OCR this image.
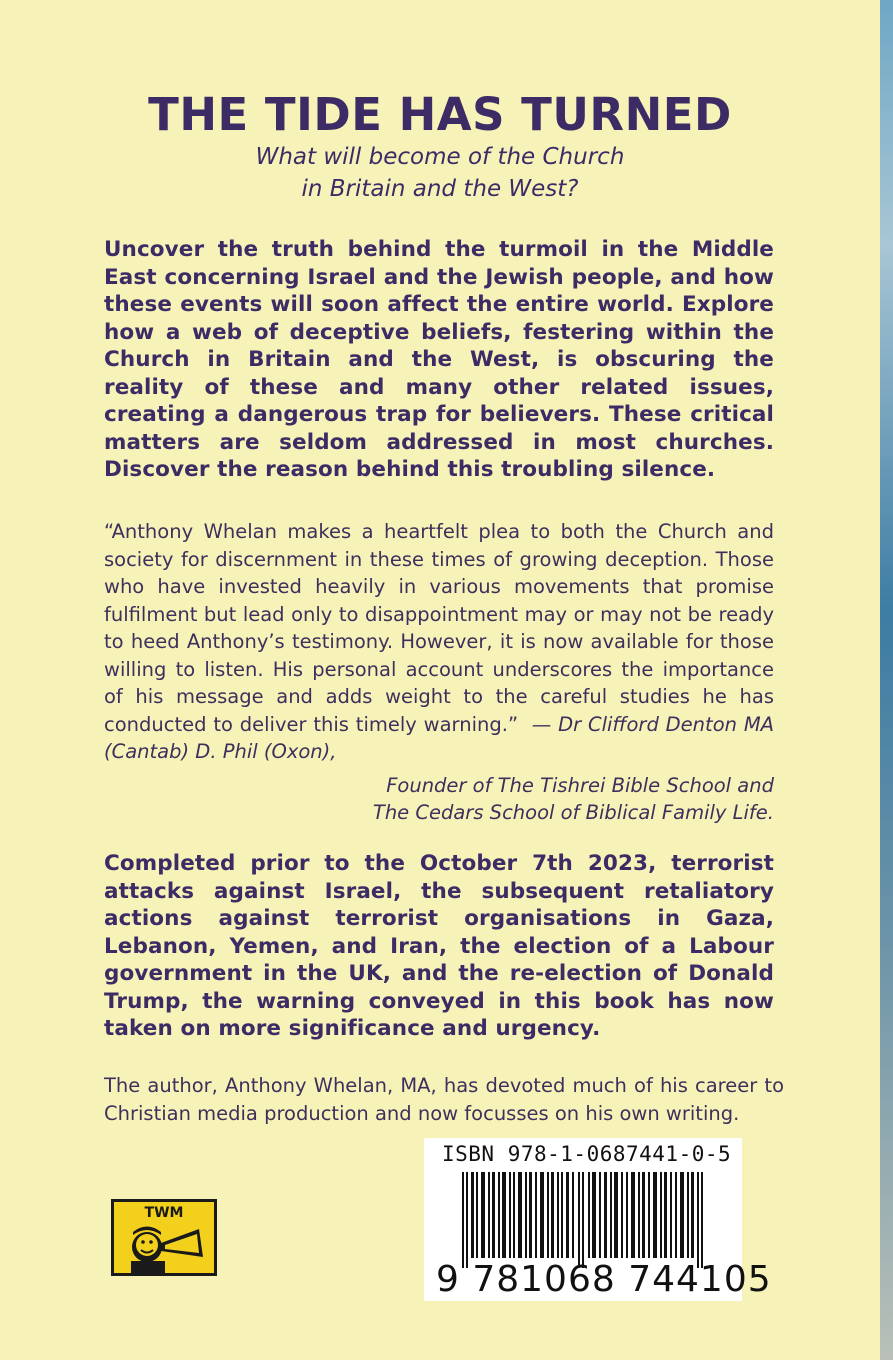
THE TIDE HAS TURNED

What will become of the Church
in Britain and the West?

Uncover the truth behind the turmoil in the Middle East concerning Israel and the Jewish people, and how these events will soon affect the entire world. Explore how a web of deceptive beliefs, festering within the Church in Britain and the West, is obscuring the reality of these and many other related issues, creating a dangerous trap for believers. These critical matters are seldom addressed in most churches. Discover the reason behind this troubling silence.

“Anthony Whelan makes a heartfelt plea to both the Church and society for discernment in these times of growing deception. Those who have invested heavily in various movements that promise fulfilment but lead only to disappointment may or may not be ready to heed Anthony’s testimony. However, it is now available for those willing to listen. His personal account underscores the importance of his message and adds weight to the careful studies he has conducted to deliver this timely warning.” — Dr Clifford Denton MA (Cantab) D. Phil (Oxon),

Founder of The Tishrei Bible School and

The Cedars School of Biblical Family Life.

Completed prior to the October 7th 2023, terrorist attacks against Israel, the subsequent retaliatory actions against terrorist organisations in Gaza, Lebanon, Yemen, and Iran, the election of a Labour government in the UK, and the re-election of Donald Trump, the warning conveyed in this book has now taken on more significance and urgency.

The author, Anthony Whelan, MA, has devoted much of his career to Christian media production and now focusses on his own writing.

TWM
ISBN 978-1-0687441-0-5
9 781068 744105
